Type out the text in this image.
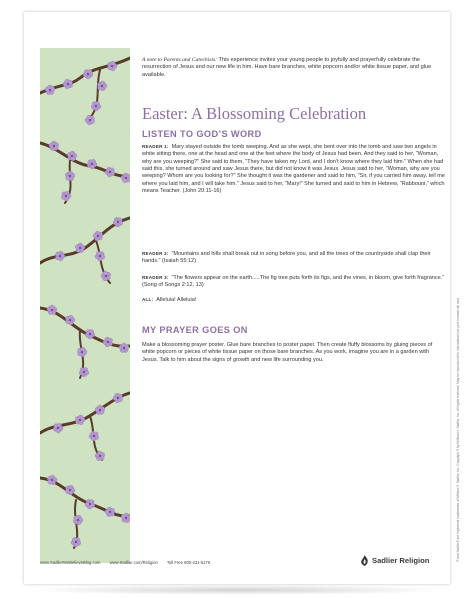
A note to Parents and Catechists: This experience invites your young people to joyfully and prayerfully celebrate the resurrection of Jesus and our new life in him. Have bare branches, white popcorn and/or white tissue paper, and glue available.
Easter: A Blossoming Celebration
LISTEN TO GOD’S WORD
READER 1: Mary stayed outside the tomb weeping. And as she wept, she bent over into the tomb and saw two angels in white sitting there, one at the head and one at the feet where the body of Jesus had been. And they said to her, “Woman, why are you weeping?” She said to them, “They have taken my Lord, and I don’t know where they laid him.” When she had said this, she turned around and saw Jesus there, but did not know it was Jesus. Jesus said to her, “Woman, why are you weeping? Whom are you looking for?” She thought it was the gardener and said to him, “Sir, if you carried him away, tell me where you laid him, and I will take him.” Jesus said to her, “Mary!” She turned and said to him in Hebrew, “Rabbouni,” which means Teacher. (John 20:11-16)
READER 2: “Mountains and hills shall break out in song before you, and all the trees of the countryside shall clap their hands.” (Isaiah 55:12)
READER 3: “The flowers appear on the earth.....The fig tree puts forth its figs, and the vines, in bloom, give forth fragrance.” (Song of Songs 2:12, 13)
ALL: Alleluia! Alleluia!
MY PRAYER GOES ON
Make a blossoming prayer poster. Glue bare branches to poster paper. Then create fluffy blossoms by gluing pieces of white popcorn or pieces of white tissue paper on those bare branches. As you work, imagine you are in a garden with Jesus. Talk to him about the signs of growth and new life surrounding you.
www.SadlierWeBelieveBlog.com www.Sadlier.com/Religion Toll Free 800-221-5175	Sadlier Religion	® and Sadlier® are registered trademarks of William H. Sadlier, Inc. Copyright © by William H. Sadlier, Inc. All rights reserved. May be reproduced for educational use (not commercial use).
